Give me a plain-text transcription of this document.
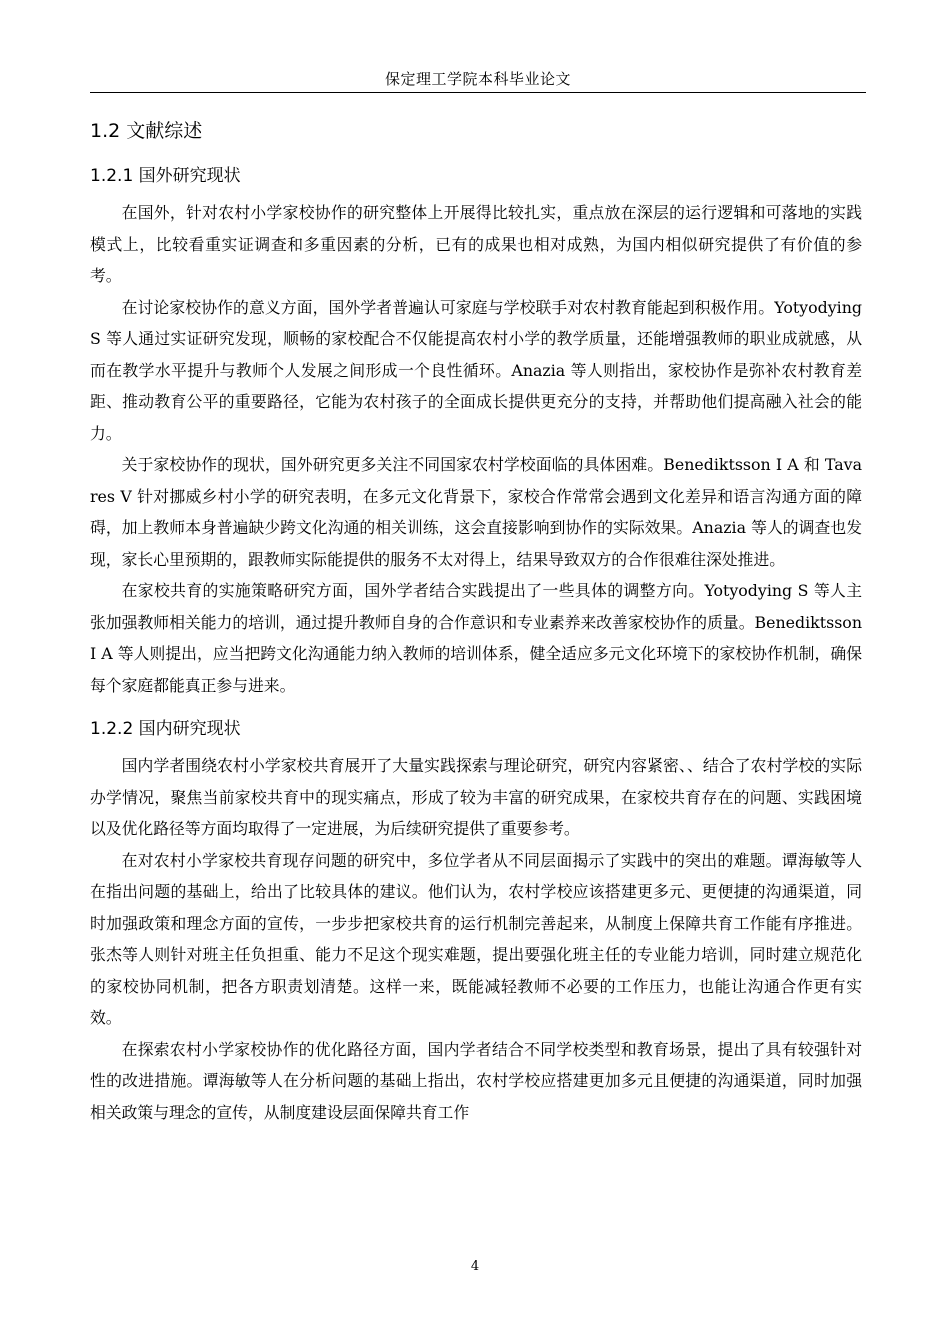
保定理工学院本科毕业论文
1.2 文献综述
1.2.1 国外研究现状

在国外，针对农村小学家校协作的研究整体上开展得比较扎实，重点放在深层的运行逻辑和可落地的实践模式上，比较看重实证调查和多重因素的分析，已有的成果也相对成熟，为国内相似研究提供了有价值的参考。

在讨论家校协作的意义方面，国外学者普遍认可家庭与学校联手对农村教育能起到积极作用。Yotyodying S 等人通过实证研究发现，顺畅的家校配合不仅能提高农村小学的教学质量，还能增强教师的职业成就感，从而在教学水平提升与教师个人发展之间形成一个良性循环。Anazia 等人则指出，家校协作是弥补农村教育差距、推动教育公平的重要路径，它能为农村孩子的全面成长提供更充分的支持，并帮助他们提高融入社会的能力。

关于家校协作的现状，国外研究更多关注不同国家农村学校面临的具体困难。Benediktsson I A 和 Tavares V 针对挪威乡村小学的研究表明，在多元文化背景下，家校合作常常会遇到文化差异和语言沟通方面的障碍，加上教师本身普遍缺少跨文化沟通的相关训练，这会直接影响到协作的实际效果。Anazia 等人的调查也发现，家长心里预期的，跟教师实际能提供的服务不太对得上，结果导致双方的合作很难往深处推进。

在家校共育的实施策略研究方面，国外学者结合实践提出了一些具体的调整方向。Yotyodying S 等人主张加强教师相关能力的培训，通过提升教师自身的合作意识和专业素养来改善家校协作的质量。Benediktsson I A 等人则提出，应当把跨文化沟通能力纳入教师的培训体系，健全适应多元文化环境下的家校协作机制，确保每个家庭都能真正参与进来。

1.2.2 国内研究现状

国内学者围绕农村小学家校共育展开了大量实践探索与理论研究，研究内容紧密、、结合了农村学校的实际办学情况，聚焦当前家校共育中的现实痛点，形成了较为丰富的研究成果，在家校共育存在的问题、实践困境以及优化路径等方面均取得了一定进展，为后续研究提供了重要参考。

在对农村小学家校共育现存问题的研究中，多位学者从不同层面揭示了实践中的突出的难题。谭海敏等人在指出问题的基础上，给出了比较具体的建议。他们认为，农村学校应该搭建更多元、更便捷的沟通渠道，同时加强政策和理念方面的宣传，一步步把家校共育的运行机制完善起来，从制度上保障共育工作能有序推进。张杰等人则针对班主任负担重、能力不足这个现实难题，提出要强化班主任的专业能力培训，同时建立规范化的家校协同机制，把各方职责划清楚。这样一来，既能减轻教师不必要的工作压力，也能让沟通合作更有实效。

在探索农村小学家校协作的优化路径方面，国内学者结合不同学校类型和教育场景，提出了具有较强针对性的改进措施。谭海敏等人在分析问题的基础上指出，农村学校应搭建更加多元且便捷的沟通渠道，同时加强相关政策与理念的宣传，从制度建设层面保障共育工作

4
